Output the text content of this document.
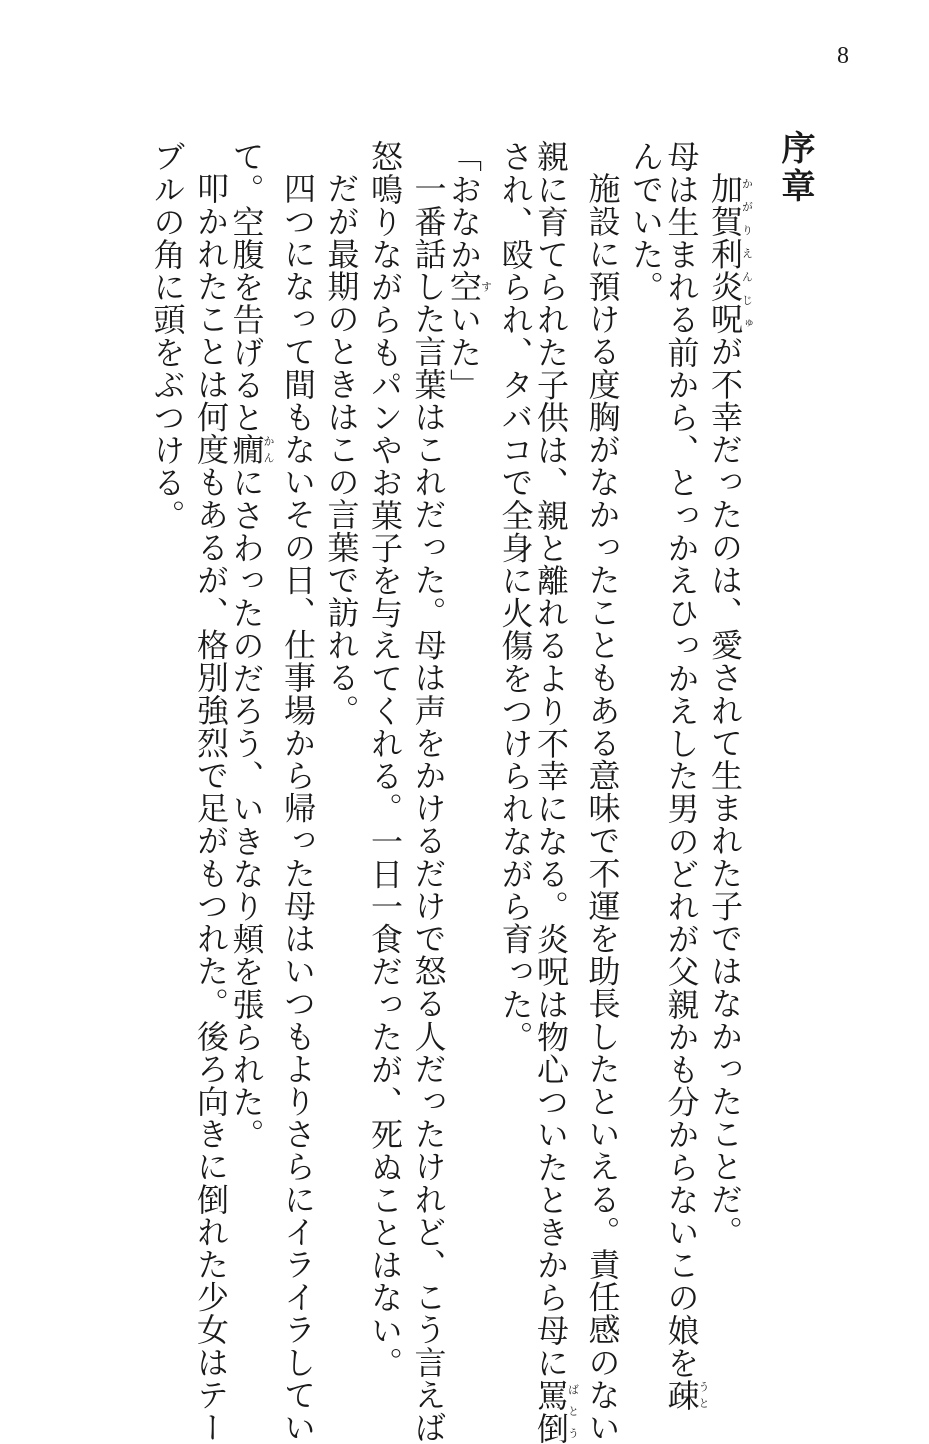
8
序章
加賀利炎呪かがりえんじゅが不幸だったのは、愛されて生まれた子ではなかったことだ。
母は生まれる前から、とっかえひっかえした男のどれが父親かも分からないこの娘を疎うと
んでいた。
施設に預ける度胸がなかったこともある意味で不運を助長したといえる。責任感のない
親に育てられた子供は、親と離れるより不幸になる。炎呪は物心ついたときから母に罵倒ばとう
され、殴られ、タバコで全身に火傷をつけられながら育った。
「おなか空すいた」
一番話した言葉はこれだった。母は声をかけるだけで怒る人だったけれど、こう言えば
怒鳴りながらもパンやお菓子を与えてくれる。一日一食だったが、死ぬことはない。
だが最期のときはこの言葉で訪れる。
四つになって間もないその日、仕事場から帰った母はいつもよりさらにイライラしてい
て。空腹を告げると癇かんにさわったのだろう、いきなり頬を張られた。
叩かれたことは何度もあるが、格別強烈で足がもつれた。後ろ向きに倒れた少女はテー
ブルの角に頭をぶつける。
